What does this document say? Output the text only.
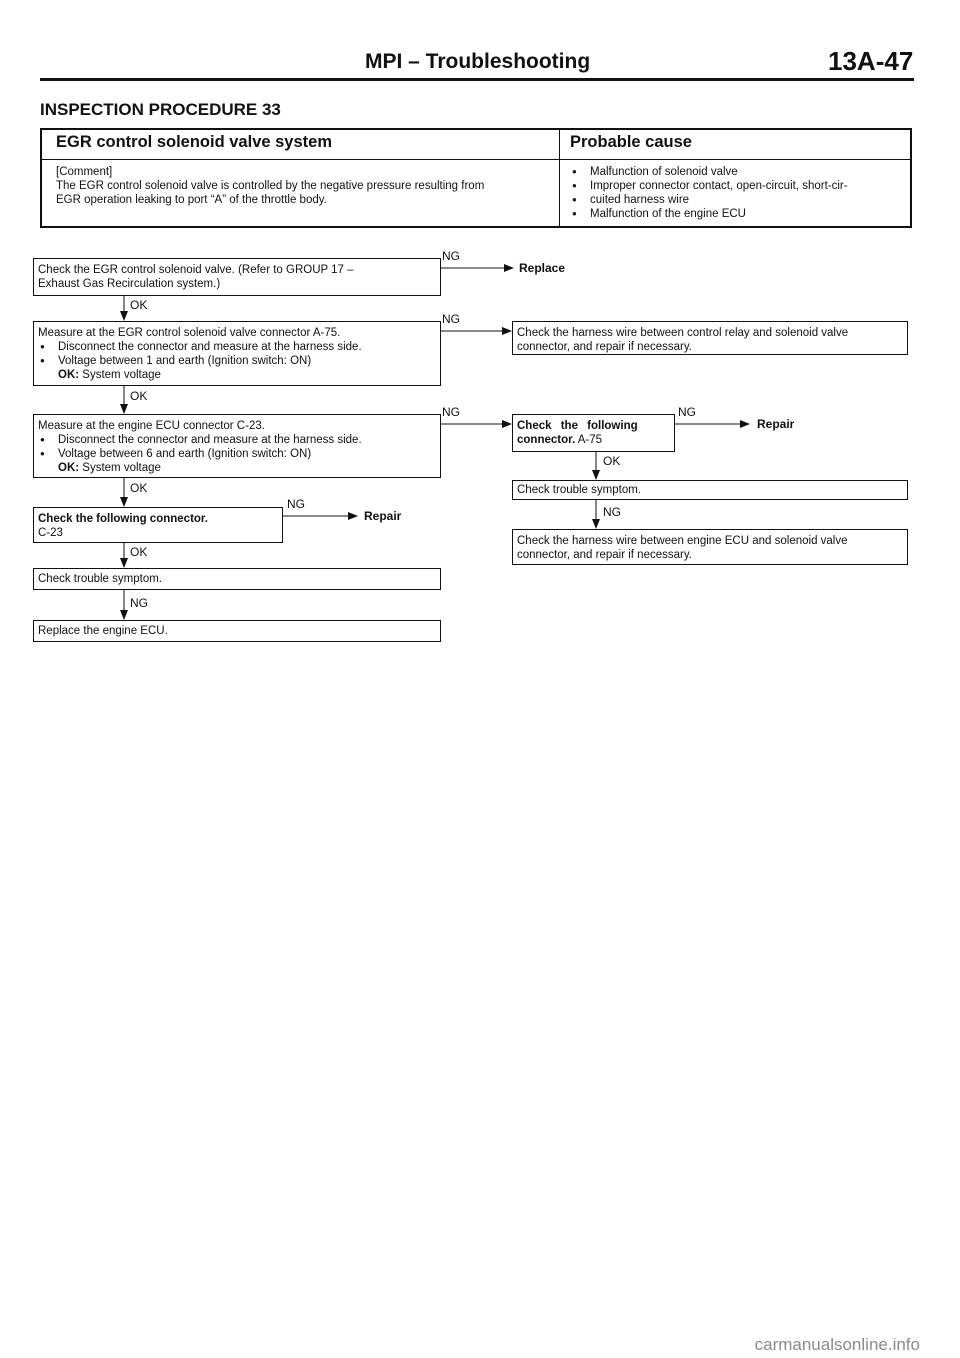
MPI – Troubleshooting	13A-47
INSPECTION PROCEDURE 33
EGR control solenoid valve system	Probable cause
[Comment]
The EGR control solenoid valve is controlled by the negative pressure resulting from
EGR operation leaking to port “A” of the throttle body.
● Malfunction of solenoid valve
● Improper connector contact, open-circuit, short-cir-
● cuited harness wire
● Malfunction of the engine ECU
Check the EGR control solenoid valve. (Refer to GROUP 17 –
Exhaust Gas Recirculation system.)
NG
Replace
OK
Measure at the EGR control solenoid valve connector A-75.
● Disconnect the connector and measure at the harness side.
● Voltage between 1 and earth (Ignition switch: ON)
OK: System voltage
NG
Check the harness wire between control relay and solenoid valve
connector, and repair if necessary.
OK
Measure at the engine ECU connector C-23.
● Disconnect the connector and measure at the harness side.
● Voltage between 6 and earth (Ignition switch: ON)
OK: System voltage
NG
OK
Check the following
connector. A-75
NG
Repair
OK
Check trouble symptom.
NG
Check the harness wire between engine ECU and solenoid valve
connector, and repair if necessary.
Check the following connector.
C-23
NG
Repair
OK
Check trouble symptom.
NG
Replace the engine ECU.
carmanualsonline.info
